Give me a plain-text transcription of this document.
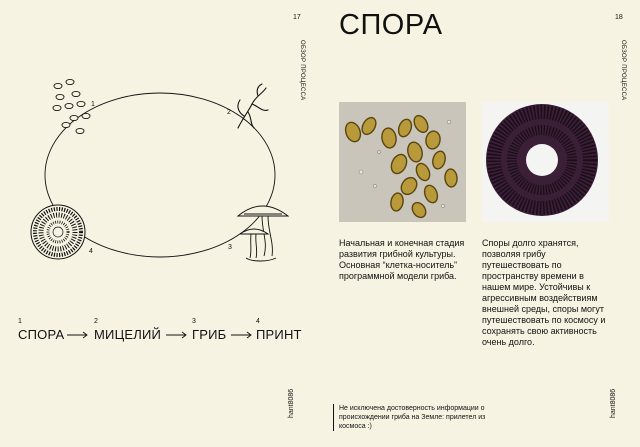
17
ОБЗОР ПРОЦЕССА
hant8086
1
2
3
4
1
СПОРА
2
МИЦЕЛИЙ
3
ГРИБ
4
ПРИНТ
18
ОБЗОР ПРОЦЕССА
hant8086
СПОРА
Начальная и конечная стадия развития грибной культуры. Основная “клетка-носитель” программной модели гриба.
Споры долго хранятся, позволяя грибу путешествовать по пространству времени в нашем мире. Устойчивы к агрессивным воздействиям внешней среды, споры могут путешествовать по космосу и сохранять свою активность очень долго.
Не исключена достоверность информации о происхождении гриба на Земле: прилетел из космоса :)
